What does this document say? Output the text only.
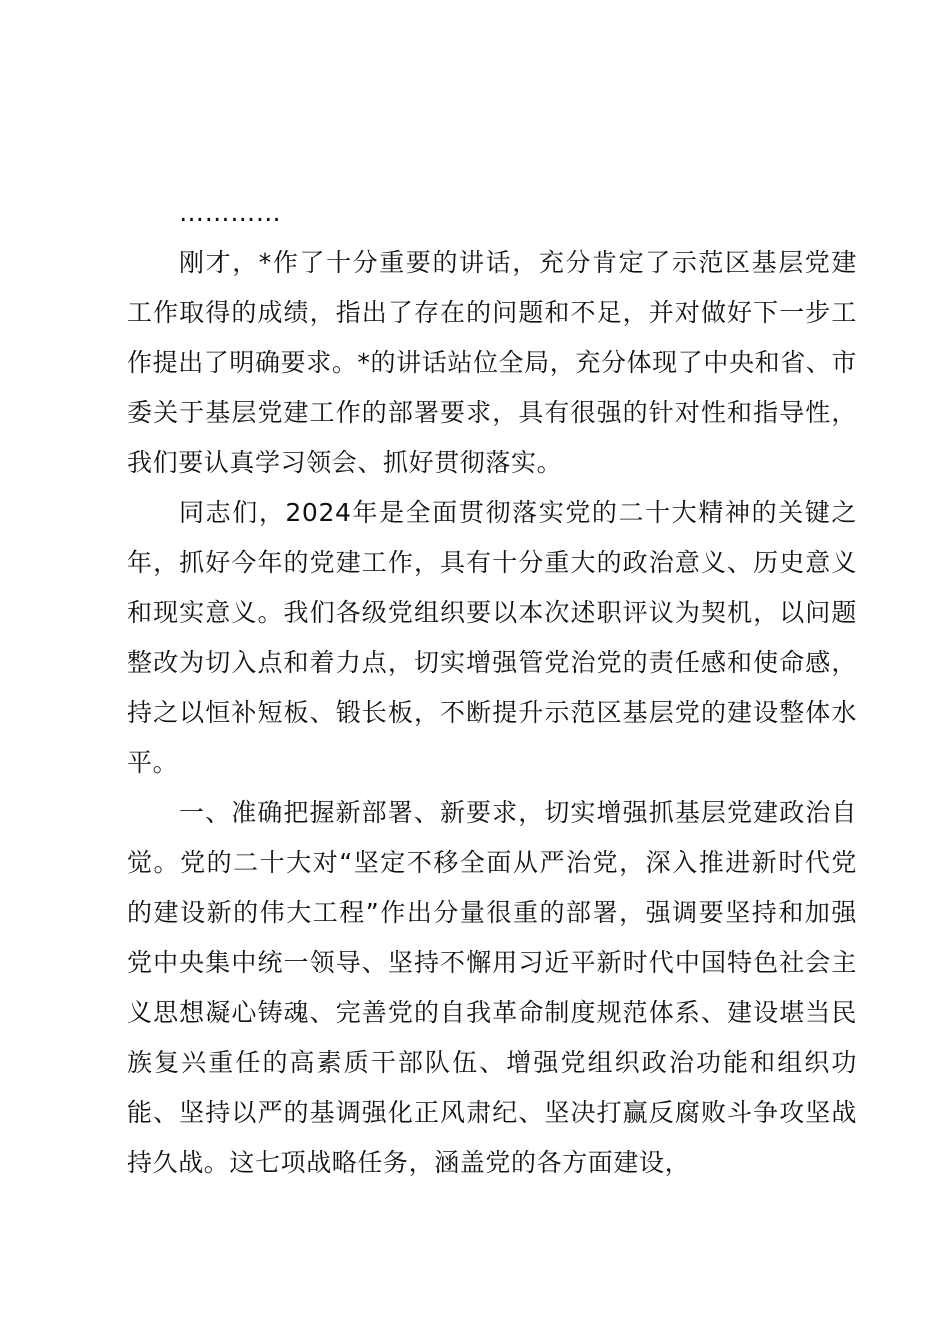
…………

刚才，*作了十分重要的讲话，充分肯定了示范区基层党建工作取得的成绩，指出了存在的问题和不足，并对做好下一步工作提出了明确要求。*的讲话站位全局，充分体现了中央和省、市委关于基层党建工作的部署要求，具有很强的针对性和指导性，我们要认真学习领会、抓好贯彻落实。

同志们，2024年是全面贯彻落实党的二十大精神的关键之年，抓好今年的党建工作，具有十分重大的政治意义、历史意义和现实意义。我们各级党组织要以本次述职评议为契机，以问题整改为切入点和着力点，切实增强管党治党的责任感和使命感，持之以恒补短板、锻长板，不断提升示范区基层党的建设整体水平。

一、准确把握新部署、新要求，切实增强抓基层党建政治自觉。党的二十大对“坚定不移全面从严治党，深入推进新时代党的建设新的伟大工程”作出分量很重的部署，强调要坚持和加强党中央集中统一领导、坚持不懈用习近平新时代中国特色社会主义思想凝心铸魂、完善党的自我革命制度规范体系、建设堪当民族复兴重任的高素质干部队伍、增强党组织政治功能和组织功能、坚持以严的基调强化正风肃纪、坚决打赢反腐败斗争攻坚战持久战。这七项战略任务，涵盖党的各方面建设，
